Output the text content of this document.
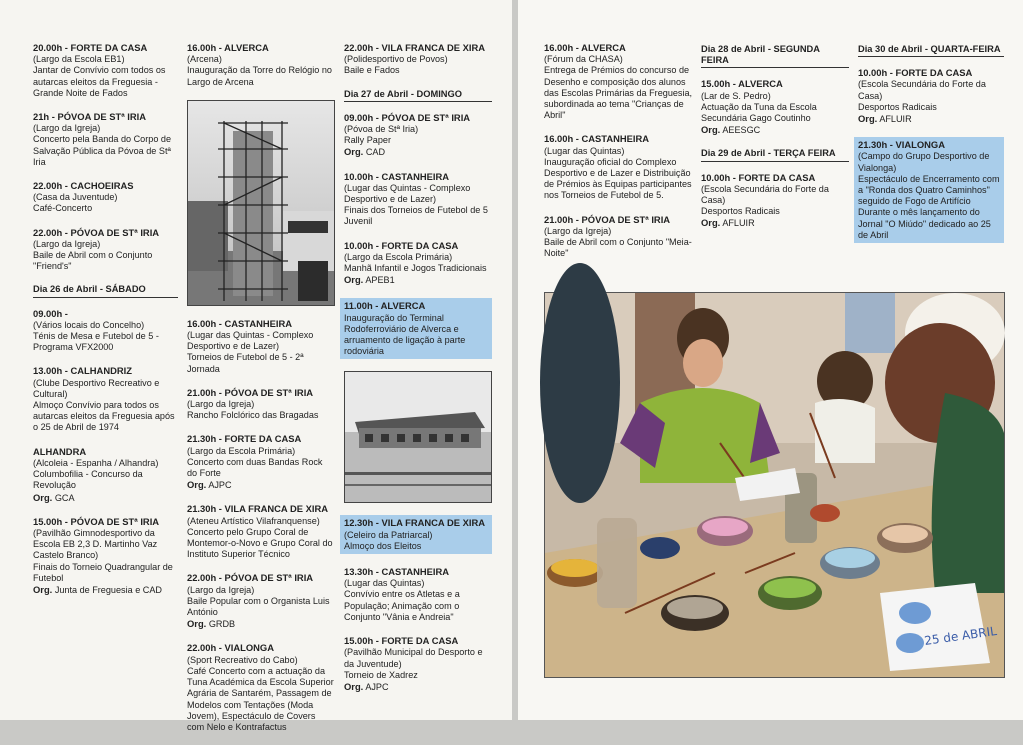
20.00h - FORTE DA CASA
(Largo da Escola EB1)
Jantar de Convívio com todos os autarcas eleitos da Freguesia - Grande Noite de Fados
21h - PÓVOA DE STª IRIA
(Largo da Igreja)
Concerto pela Banda do Corpo de Salvação Pública da Póvoa de Stª Iria
22.00h - CACHOEIRAS
(Casa da Juventude)
Café-Concerto
22.00h - PÓVOA DE STª IRIA
(Largo da Igreja)
Baile de Abril com o Conjunto "Friend's"
Dia 26 de Abril - SÁBADO
09.00h -
(Vários locais do Concelho)
Ténis de Mesa e Futebol de 5 - Programa VFX2000
13.00h - CALHANDRIZ
(Clube Desportivo Recreativo e Cultural)
Almoço Convívio para todos os autarcas eleitos da Freguesia após o 25 de Abril de 1974
ALHANDRA
(Alcoleia - Espanha / Alhandra)
Columbofilia - Concurso da Revolução
Org. GCA
15.00h - PÓVOA DE STª IRIA
(Pavilhão Gimnodesportivo da Escola EB 2,3 D. Martinho Vaz Castelo Branco)
Finais do Torneio Quadrangular de Futebol
Org. Junta de Freguesia e CAD
16.00h - ALVERCA
(Arcena)
Inauguração da Torre do Relógio no Largo de Arcena
16.00h - CASTANHEIRA
(Lugar das Quintas - Complexo Desportivo e de Lazer)
Torneios de Futebol de 5 - 2ª Jornada
21.00h - PÓVOA DE STª IRIA
(Largo da Igreja)
Rancho Folclórico das Bragadas
21.30h - FORTE DA CASA
(Largo da Escola Primária)
Concerto com duas Bandas Rock do Forte
Org. AJPC
21.30h - VILA FRANCA DE XIRA
(Ateneu Artístico Vilafranquense)
Concerto pelo Grupo Coral de Montemor-o-Novo e Grupo Coral do Instituto Superior Técnico
22.00h - PÓVOA DE STª IRIA
(Largo da Igreja)
Baile Popular com o Organista Luis António
Org. GRDB
22.00h - VIALONGA
(Sport Recreativo do Cabo)
Café Concerto com a actuação da Tuna Académica da Escola Superior Agrária de Santarém, Passagem de Modelos com Tentações (Moda Jovem), Espectáculo de Covers com Nelo e Kontrafactus
22.00h - VILA FRANCA DE XIRA
(Polidesportivo de Povos)
Baile e Fados
Dia 27 de Abril - DOMINGO
09.00h - PÓVOA DE STª IRIA
(Póvoa de Stª Iria)
Rally Paper
Org. CAD
10.00h - CASTANHEIRA
(Lugar das Quintas - Complexo Desportivo e de Lazer)
Finais dos Torneios de Futebol de 5 Juvenil
10.00h - FORTE DA CASA
(Largo da Escola Primária)
Manhã Infantil e Jogos Tradicionais
Org. APEB1
11.00h - ALVERCA
Inauguração do Terminal Rodoferroviário de Alverca e arruamento de ligação à parte rodoviária
12.30h - VILA FRANCA DE XIRA
(Celeiro da Patriarcal)
Almoço dos Eleitos
13.30h - CASTANHEIRA
(Lugar das Quintas)
Convívio entre os Atletas e a População; Animação com o Conjunto "Vânia e Andreia"
15.00h - FORTE DA CASA
(Pavilhão Municipal do Desporto e da Juventude)
Torneio de Xadrez
Org. AJPC
16.00h - ALVERCA
(Fórum da CHASA)
Entrega de Prémios do concurso de Desenho e composição dos alunos das Escolas Primárias da Freguesia, subordinada ao tema "Crianças de Abril"
16.00h - CASTANHEIRA
(Lugar das Quintas)
Inauguração oficial do Complexo Desportivo e de Lazer e Distribuição de Prémios às Equipas participantes nos Torneios de Futebol de 5.
21.00h - PÓVOA DE STª IRIA
(Largo da Igreja)
Baile de Abril com o Conjunto "Meia-Noite"
Dia 28 de Abril - SEGUNDA FEIRA
15.00h - ALVERCA
(Lar de S. Pedro)
Actuação da Tuna da Escola Secundária Gago Coutinho
Org. AEESGC
Dia 29 de Abril - TERÇA FEIRA
10.00h - FORTE DA CASA
(Escola Secundária do Forte da Casa)
Desportos Radicais
Org. AFLUIR
Dia 30 de Abril - QUARTA-FEIRA
10.00h - FORTE DA CASA
(Escola Secundária do Forte da Casa)
Desportos Radicais
Org. AFLUIR
21.30h - VIALONGA
(Campo do Grupo Desportivo de Vialonga)
Espectáculo de Encerramento com a "Ronda dos Quatro Caminhos" seguido de Fogo de Artifício Durante o mês lançamento do Jornal "O Miúdo" dedicado ao 25 de Abril
25 de ABRIL
